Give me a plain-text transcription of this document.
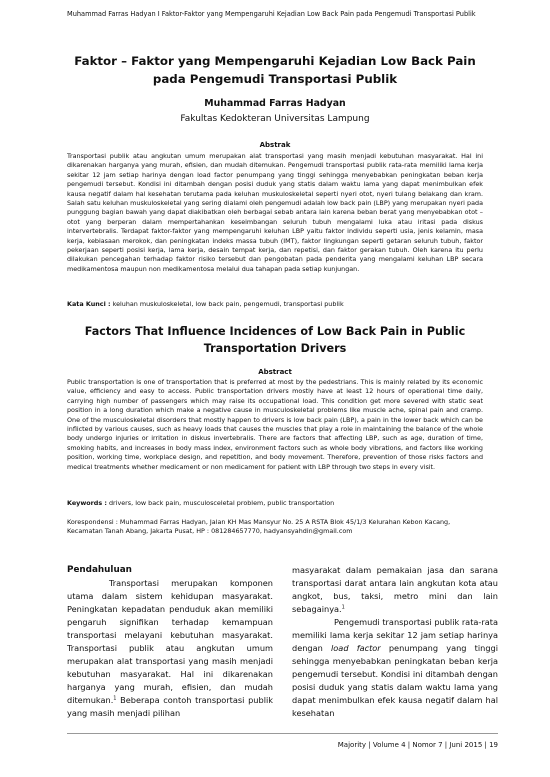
Muhammad Farras Hadyan I Faktor-Faktor yang Mempengaruhi Kejadian Low Back Pain pada Pengemudi Transportasi Publik
Faktor – Faktor yang Mempengaruhi Kejadian Low Back Pain pada Pengemudi Transportasi Publik
Muhammad Farras Hadyan
Fakultas Kedokteran Universitas Lampung
Abstrak

Transportasi publik atau angkutan umum merupakan alat transportasi yang masih menjadi kebutuhan masyarakat. Hal ini dikarenakan harganya yang murah, efisien, dan mudah ditemukan. Pengemudi transportasi publik rata-rata memiliki lama kerja sekitar 12 jam setiap harinya dengan load factor penumpang yang tinggi sehingga menyebabkan peningkatan beban kerja pengemudi tersebut. Kondisi ini ditambah dengan posisi duduk yang statis dalam waktu lama yang dapat menimbulkan efek kausa negatif dalam hal kesehatan terutama pada keluhan muskuloskeletal seperti nyeri otot, nyeri tulang belakang dan kram. Salah satu keluhan muskuloskeletal yang sering dialami oleh pengemudi adalah low back pain (LBP) yang merupakan nyeri pada punggung bagian bawah yang dapat diakibatkan oleh berbagai sebab antara lain karena beban berat yang menyebabkan otot – otot yang berperan dalam mempertahankan keseimbangan seluruh tubuh mengalami luka atau iritasi pada diskus intervertebralis. Terdapat faktor-faktor yang mempengaruhi keluhan LBP yaitu faktor individu seperti usia, jenis kelamin, masa kerja, kebiasaan merokok, dan peningkatan indeks massa tubuh (IMT), faktor lingkungan seperti getaran seluruh tubuh, faktor pekerjaan seperti posisi kerja, lama kerja, desain tempat kerja, dan repetisi, dan faktor gerakan tubuh. Oleh karena itu perlu dilakukan pencegahan terhadap faktor risiko tersebut dan pengobatan pada penderita yang mengalami keluhan LBP secara medikamentosa maupun non medikamentosa melalui dua tahapan pada setiap kunjungan.

Kata Kunci : keluhan muskuloskeletal, low back pain, pengemudi, transportasi publik
Factors That Influence Incidences of Low Back Pain in Public Transportation Drivers
Abstract

Public transportation is one of transportation that is preferred at most by the pedestrians. This is mainly related by its economic value, efficiency and easy to access. Public transportation drivers mostly have at least 12 hours of operational time daily, carrying high number of passengers which may raise its occupational load. This condition get more severed with static seat position in a long duration which make a negative cause in musculoskeletal problems like muscle ache, spinal pain and cramp. One of the musculoskeletal disorders that mostly happen to drivers is low back pain (LBP), a pain in the lower back which can be inflicted by various causes, such as heavy loads that causes the muscles that play a role in maintaining the balance of the whole body undergo injuries or irritation in diskus invertebralis. There are factors that affecting LBP, such as age, duration of time, smoking habits, and increases in body mass index, environment factors such as whole body vibrations, and factors like working position, working time, workplace design, and repetition, and body movement. Therefore, prevention of those risks factors and medical treatments whether medicament or non medicament for patient with LBP through two steps in every visit.

Keywords : drivers, low back pain, musculosceletal problem, public transportation
Korespondensi : Muhammad Farras Hadyan, Jalan KH Mas Mansyur No. 25 A RSTA Blok 45/1/3 Kelurahan Kebon Kacang, Kecamatan Tanah Abang, Jakarta Pusat, HP : 081284657770, hadyansyahdin@gmail.com

Pendahuluan

Transportasi merupakan komponen utama dalam sistem kehidupan masyarakat. Peningkatan kepadatan penduduk akan memiliki pengaruh signifikan terhadap kemampuan transportasi melayani kebutuhan masyarakat. Transportasi publik atau angkutan umum merupakan alat transportasi yang masih menjadi kebutuhan masyarakat. Hal ini dikarenakan harganya yang murah, efisien, dan mudah ditemukan.$^1$ Beberapa contoh transportasi publik yang masih menjadi pilihan

masyarakat dalam pemakaian jasa dan sarana transportasi darat antara lain angkutan kota atau angkot, bus, taksi, metro mini dan lain sebagainya.$^1$

Pengemudi transportasi publik rata-rata memiliki lama kerja sekitar 12 jam setiap harinya dengan load factor penumpang yang tinggi sehingga menyebabkan peningkatan beban kerja pengemudi tersebut. Kondisi ini ditambah dengan posisi duduk yang statis dalam waktu lama yang dapat menimbulkan efek kausa negatif dalam hal kesehatan

Majority | Volume 4 | Nomor 7 | Juni 2015 | 19
